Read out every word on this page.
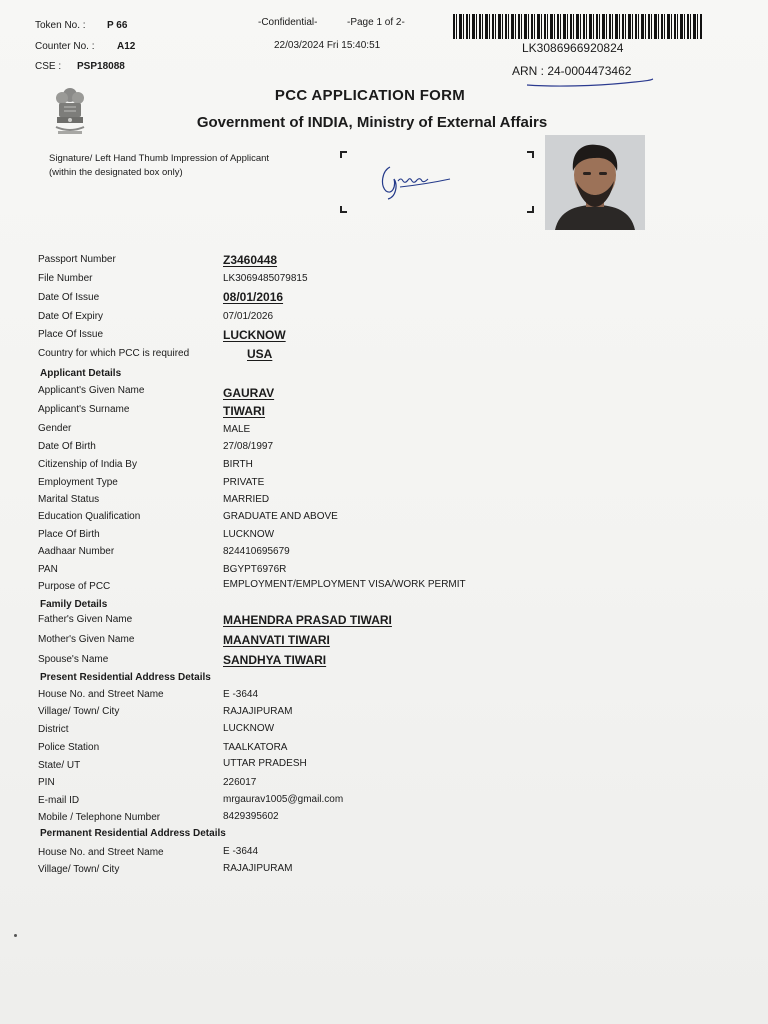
Token No. : P 66
Counter No. : A12
CSE : PSP18088
-Confidential-	-Page 1 of 2-
22/03/2024 Fri 15:40:51	LK3086966920824
ARN : 24-0004473462
PCC APPLICATION FORM
Government of INDIA, Ministry of External Affairs
Signature/ Left Hand Thumb Impression of Applicant
(within the designated box only)
Passport Number	Z3460448
File Number	LK3069485079815
Date Of Issue	08/01/2016
Date Of Expiry	07/01/2026
Place Of Issue	LUCKNOW
Country for which PCC is required	USA
Applicant Details
Applicant's Given Name	GAURAV
Applicant's Surname	TIWARI
Gender	MALE
Date Of Birth	27/08/1997
Citizenship of India By	BIRTH
Employment Type	PRIVATE
Marital Status	MARRIED
Education Qualification	GRADUATE AND ABOVE
Place Of Birth	LUCKNOW
Aadhaar Number	824410695679
PAN	BGYPT6976R
Purpose of PCC	EMPLOYMENT/EMPLOYMENT VISA/WORK PERMIT
Family Details
Father's Given Name	MAHENDRA PRASAD TIWARI
Mother's Given Name	MAANVATI TIWARI
Spouse's Name	SANDHYA TIWARI
Present Residential Address Details
House No. and Street Name	E -3644
Village/ Town/ City	RAJAJIPURAM
District	LUCKNOW
Police Station	TAALKATORA
State/ UT	UTTAR PRADESH
PIN	226017
E-mail ID	mrgaurav1005@gmail.com
Mobile / Telephone Number	8429395602
Permanent Residential Address Details
House No. and Street Name	E -3644
Village/ Town/ City	RAJAJIPURAM
